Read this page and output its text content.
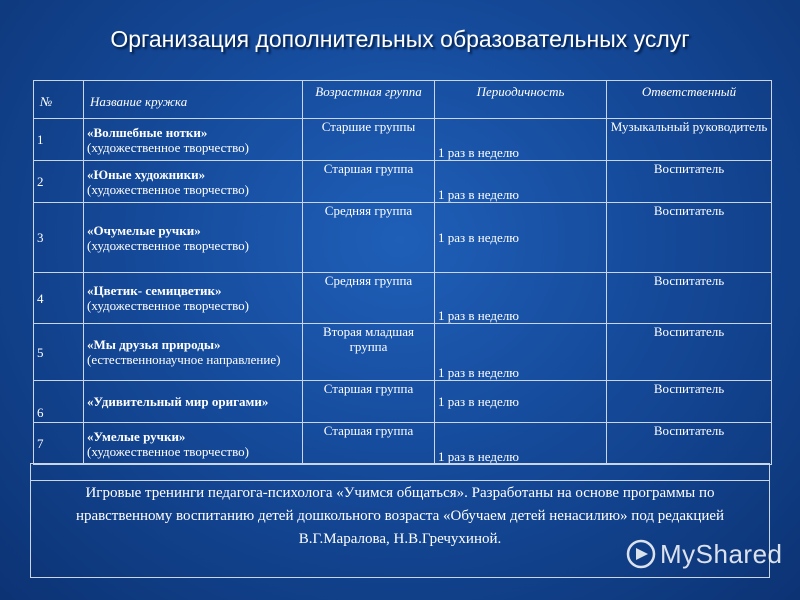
Организация дополнительных образовательных услуг
№	Название кружка	Возрастная группа	Периодичность	Ответственный
1	«Волшебные нотки»
(художественное творчество)	Старшие группы	1 раз в неделю	Музыкальный руководитель
2	«Юные художники»
(художественное творчество)	Старшая группа	1 раз в неделю	Воспитатель
3	«Очумелые ручки»
(художественное творчество)	Средняя группа	1 раз в неделю	Воспитатель
4	«Цветик- семицветик»
(художественное творчество)	Средняя группа	1 раз в неделю	Воспитатель
5	«Мы друзья природы»
(естественнонаучное направление)	Вторая младшая группа	1 раз в неделю	Воспитатель
6	«Удивительный мир оригами»	Старшая группа	1 раз в неделю	Воспитатель
7	«Умелые ручки»
(художественное творчество)	Старшая группа	1 раз в неделю	Воспитатель
Игровые тренинги педагога-психолога «Учимся общаться». Разработаны на основе программы по нравственному воспитанию детей дошкольного возраста «Обучаем детей ненасилию» под редакцией В.Г.Маралова, Н.В.Гречухиной.	MyShared
